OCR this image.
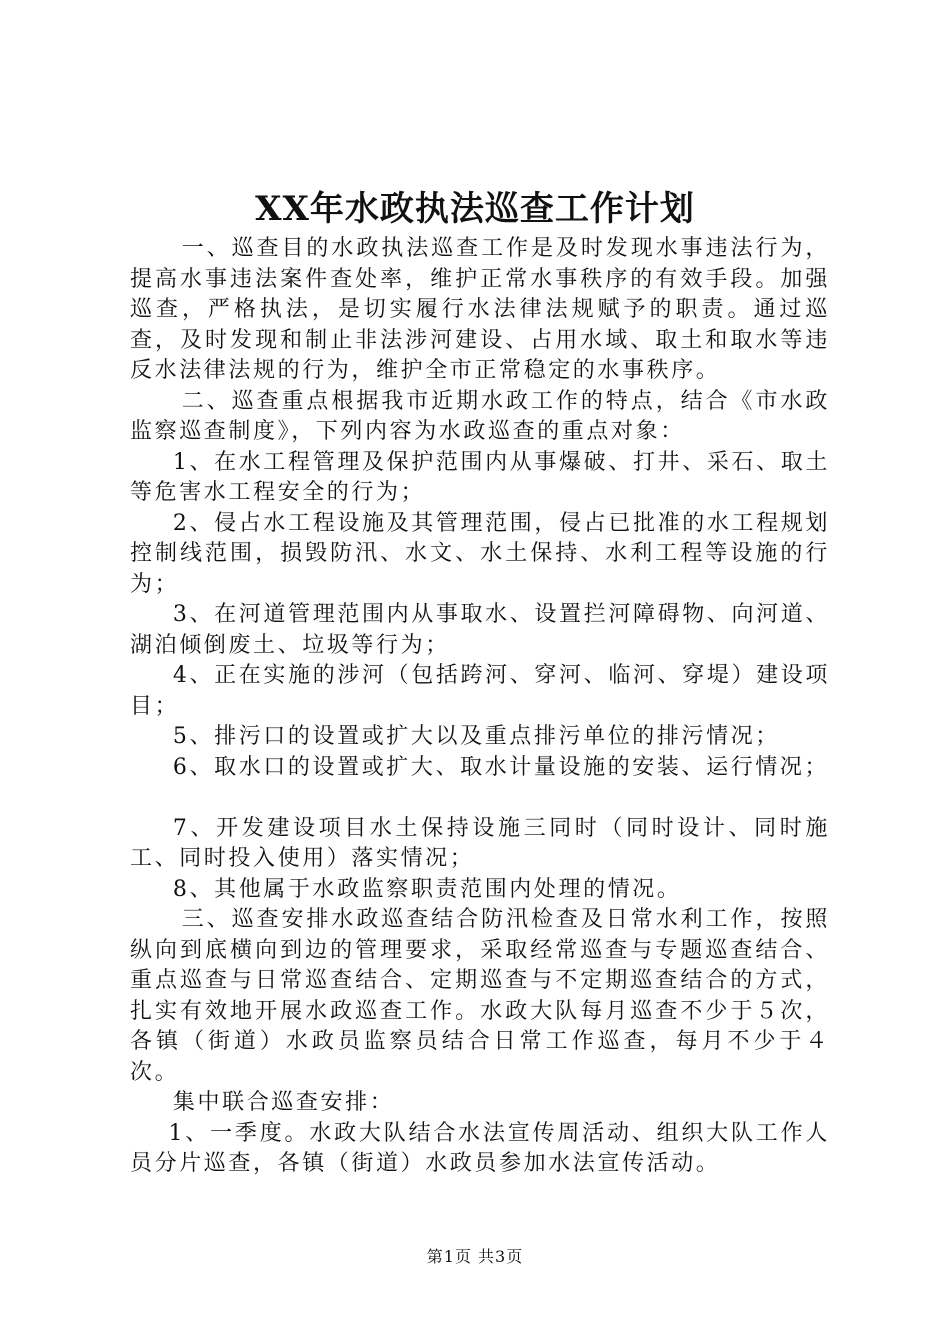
XX年水政执法巡查工作计划

一、巡查目的水政执法巡查工作是及时发现水事违法行为，提高水事违法案件查处率，维护正常水事秩序的有效手段。加强巡查，严格执法，是切实履行水法律法规赋予的职责。通过巡查，及时发现和制止非法涉河建设、占用水域、取土和取水等违反水法律法规的行为，维护全市正常稳定的水事秩序。

二、巡查重点根据我市近期水政工作的特点，结合《市水政监察巡查制度》，下列内容为水政巡查的重点对象：

1、在水工程管理及保护范围内从事爆破、打井、采石、取土等危害水工程安全的行为；

2、侵占水工程设施及其管理范围，侵占已批准的水工程规划控制线范围，损毁防汛、水文、水土保持、水利工程等设施的行为；

3、在河道管理范围内从事取水、设置拦河障碍物、向河道、湖泊倾倒废土、垃圾等行为；

4、正在实施的涉河（包括跨河、穿河、临河、穿堤）建设项目；

5、排污口的设置或扩大以及重点排污单位的排污情况；

6、取水口的设置或扩大、取水计量设施的安装、运行情况；

7、开发建设项目水土保持设施三同时（同时设计、同时施工、同时投入使用）落实情况；

8、其他属于水政监察职责范围内处理的情况。

三、巡查安排水政巡查结合防汛检查及日常水利工作，按照纵向到底横向到边的管理要求，采取经常巡查与专题巡查结合、重点巡查与日常巡查结合、定期巡查与不定期巡查结合的方式，扎实有效地开展水政巡查工作。水政大队每月巡查不少于５次，各镇（街道）水政员监察员结合日常工作巡查，每月不少于４次。

集中联合巡查安排：

1、一季度。水政大队结合水法宣传周活动、组织大队工作人员分片巡查，各镇（街道）水政员参加水法宣传活动。

第1页 共3页
